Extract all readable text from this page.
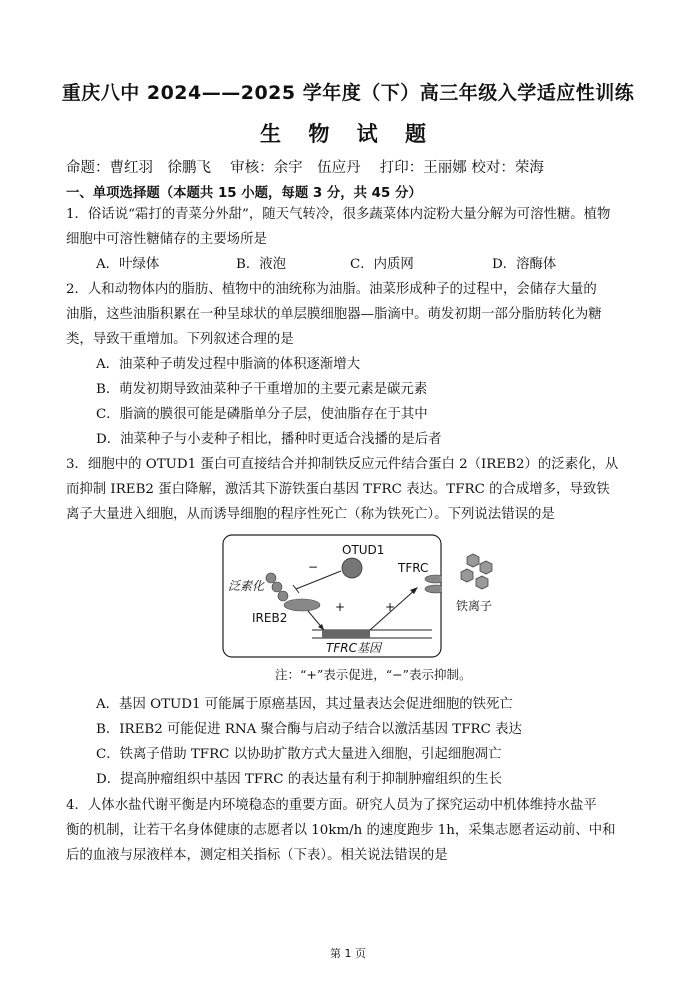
重庆八中 2024——2025 学年度（下）高三年级入学适应性训练
生 物 试 题
命题：曹红羽　徐鹏飞　 审核：余宇　伍应丹　 打印：王丽娜 校对：荣海
一、单项选择题（本题共 15 小题，每题 3 分，共 45 分）
1．俗话说“霜打的青菜分外甜”，随天气转冷，很多蔬菜体内淀粉大量分解为可溶性糖。植物
细胞中可溶性糖储存的主要场所是
A．叶绿体	B．液泡	C．内质网	D．溶酶体
2．人和动物体内的脂肪、植物中的油统称为油脂。油菜形成种子的过程中，会储存大量的
油脂，这些油脂积累在一种呈球状的单层膜细胞器—脂滴中。萌发初期一部分脂肪转化为糖
类，导致干重增加。下列叙述合理的是
A．油菜种子萌发过程中脂滴的体积逐渐增大
B．萌发初期导致油菜种子干重增加的主要元素是碳元素
C．脂滴的膜很可能是磷脂单分子层，使油脂存在于其中
D．油菜种子与小麦种子相比，播种时更适合浅播的是后者
3．细胞中的 OTUD1 蛋白可直接结合并抑制铁反应元件结合蛋白 2（IREB2）的泛素化，从
而抑制 IREB2 蛋白降解，激活其下游铁蛋白基因 TFRC 表达。TFRC 的合成增多，导致铁
离子大量进入细胞，从而诱导细胞的程序性死亡（称为铁死亡）。下列说法错误的是
OTUD1
−
泛素化
IREB2
+	+
TFRC基因
TFRC
铁离子
注：“+”表示促进，“−”表示抑制。
A．基因 OTUD1 可能属于原癌基因，其过量表达会促进细胞的铁死亡
B．IREB2 可能促进 RNA 聚合酶与启动子结合以激活基因 TFRC 表达
C．铁离子借助 TFRC 以协助扩散方式大量进入细胞，引起细胞凋亡
D．提高肿瘤组织中基因 TFRC 的表达量有利于抑制肿瘤组织的生长
4．人体水盐代谢平衡是内环境稳态的重要方面。研究人员为了探究运动中机体维持水盐平
衡的机制，让若干名身体健康的志愿者以 10km/h 的速度跑步 1h，采集志愿者运动前、中和
后的血液与尿液样本，测定相关指标（下表）。相关说法错误的是
第 1 页
